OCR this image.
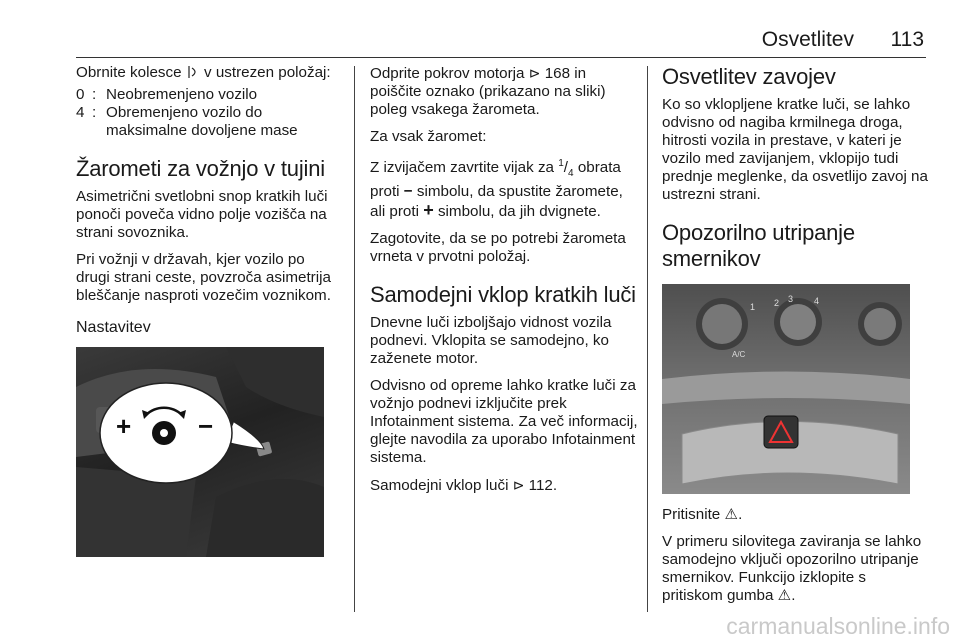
Osvetlitev 113

Obrnite kolesce v ustrezen položaj:

0 : Neobremenjeno vozilo
4 : Obremenjeno vozilo do maksimalne dovoljene mase
Žarometi za vožnjo v tujini

Asimetrični svetlobni snop kratkih luči ponoči poveča vidno polje vozišča na strani sovoznika.

Pri vožnji v državah, kjer vozilo po drugi strani ceste, povzroča asimetrija bleščanje nasproti vozečim voznikom.

Nastavitev

+	−

Odprite pokrov motorja ⊳ 168 in poiščite oznako (prikazano na sliki) poleg vsakega žarometa.

Za vsak žaromet:

Z izvijačem zavrtite vijak za $^1/_4$ obrata proti − simbolu, da spustite žaromete, ali proti + simbolu, da jih dvignete.

Zagotovite, da se po potrebi žarometa vrneta v prvotni položaj.

Samodejni vklop kratkih luči

Dnevne luči izboljšajo vidnost vozila podnevi. Vklopita se samodejno, ko zaženete motor.

Odvisno od opreme lahko kratke luči za vožnjo podnevi izključite prek Infotainment sistema. Za več informacij, glejte navodila za uporabo Infotainment sistema.

Samodejni vklop luči ⊳ 112.

Osvetlitev zavojev

Ko so vklopljene kratke luči, se lahko odvisno od nagiba krmilnega droga, hitrosti vozila in prestave, v kateri je vozilo med zavijanjem, vklopijo tudi prednje meglenke, da osvetlijo zavoj na ustrezni strani.

Opozorilno utripanje smernikov
1 2 3 4
A/C

Pritisnite ⚠.

V primeru silovitega zaviranja se lahko samodejno vključi opozorilno utripanje smernikov. Funkcijo izklopite s pritiskom gumba ⚠.

carmanualsonline.info
